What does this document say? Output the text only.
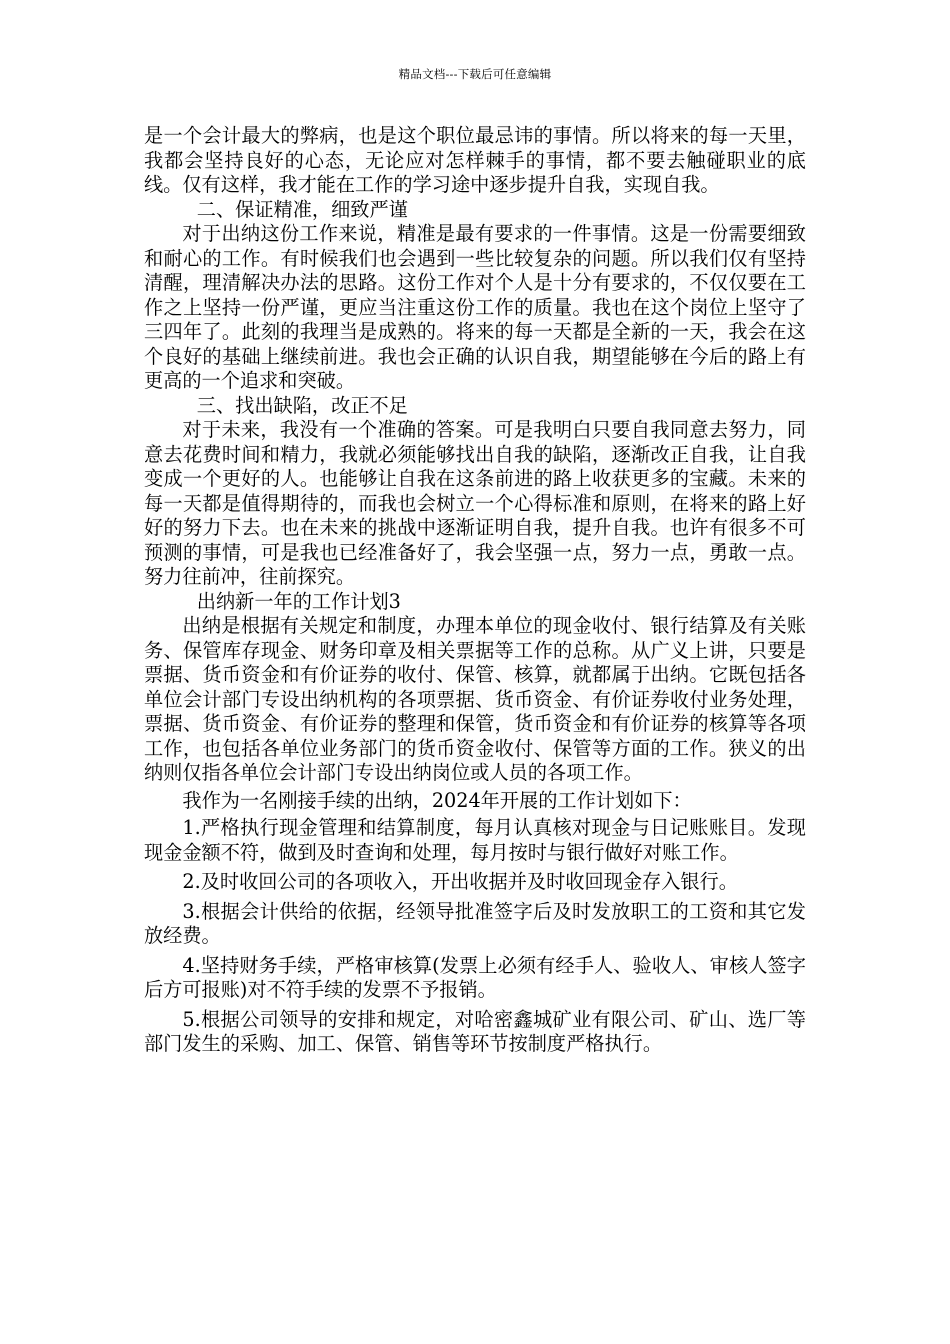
精品文档---下载后可任意编辑

是一个会计最大的弊病，也是这个职位最忌讳的事情。所以将来的每一天里，我都会坚持良好的心态，无论应对怎样棘手的事情，都不要去触碰职业的底线。仅有这样，我才能在工作的学习途中逐步提升自我，实现自我。

二、保证精准，细致严谨

对于出纳这份工作来说，精准是最有要求的一件事情。这是一份需要细致和耐心的工作。有时候我们也会遇到一些比较复杂的问题。所以我们仅有坚持清醒，理清解决办法的思路。这份工作对个人是十分有要求的，不仅仅要在工作之上坚持一份严谨，更应当注重这份工作的质量。我也在这个岗位上坚守了三四年了。此刻的我理当是成熟的。将来的每一天都是全新的一天，我会在这个良好的基础上继续前进。我也会正确的认识自我，期望能够在今后的路上有更高的一个追求和突破。

三、找出缺陷，改正不足

对于未来，我没有一个准确的答案。可是我明白只要自我同意去努力，同意去花费时间和精力，我就必须能够找出自我的缺陷，逐渐改正自我，让自我变成一个更好的人。也能够让自我在这条前进的路上收获更多的宝藏。未来的每一天都是值得期待的，而我也会树立一个心得标准和原则，在将来的路上好好的努力下去。也在未来的挑战中逐渐证明自我，提升自我。也许有很多不可预测的事情，可是我也已经准备好了，我会坚强一点，努力一点，勇敢一点。努力往前冲，往前探究。

出纳新一年的工作计划3

出纳是根据有关规定和制度，办理本单位的现金收付、银行结算及有关账务、保管库存现金、财务印章及相关票据等工作的总称。从广义上讲，只要是票据、货币资金和有价证券的收付、保管、核算，就都属于出纳。它既包括各单位会计部门专设出纳机构的各项票据、货币资金、有价证券收付业务处理，票据、货币资金、有价证券的整理和保管，货币资金和有价证券的核算等各项工作，也包括各单位业务部门的货币资金收付、保管等方面的工作。狭义的出纳则仅指各单位会计部门专设出纳岗位或人员的各项工作。

我作为一名刚接手续的出纳，2024年开展的工作计划如下：

1.严格执行现金管理和结算制度，每月认真核对现金与日记账账目。发现现金金额不符，做到及时查询和处理，每月按时与银行做好对账工作。

2.及时收回公司的各项收入，开出收据并及时收回现金存入银行。

3.根据会计供给的依据，经领导批准签字后及时发放职工的工资和其它发放经费。

4.坚持财务手续，严格审核算(发票上必须有经手人、验收人、审核人签字后方可报账)对不符手续的发票不予报销。

5.根据公司领导的安排和规定，对哈密鑫城矿业有限公司、矿山、选厂等部门发生的采购、加工、保管、销售等环节按制度严格执行。
